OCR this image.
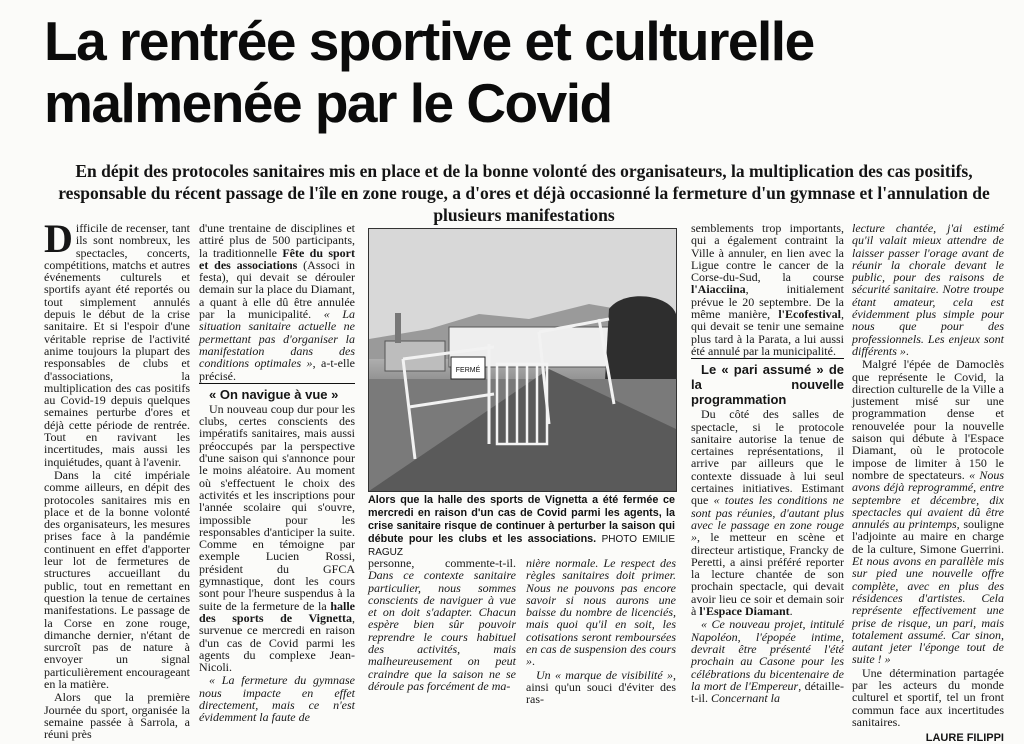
La rentrée sportive et culturelle malmenée par le Covid

En dépit des protocoles sanitaires mis en place et de la bonne volonté des organisateurs, la multiplication des cas positifs, responsable du récent passage de l'île en zone rouge, a d'ores et déjà occasionné la fermeture d'un gymnase et l'annulation de plusieurs manifestations

Difficile de recenser, tant ils sont nombreux, les spectacles, concerts, compétitions, matchs et autres événements culturels et sportifs ayant été reportés ou tout simplement annulés depuis le début de la crise sanitaire. Et si l'espoir d'une véritable reprise de l'activité anime toujours la plupart des responsables de clubs et d'associations, la multiplication des cas positifs au Covid-19 depuis quelques semaines perturbe d'ores et déjà cette période de rentrée. Tout en ravivant les incertitudes, mais aussi les inquiétudes, quant à l'avenir.

Dans la cité impériale comme ailleurs, en dépit des protocoles sanitaires mis en place et de la bonne volonté des organisateurs, les mesures prises face à la pandémie continuent en effet d'apporter leur lot de fermetures de structures accueillant du public, tout en remettant en question la tenue de certaines manifestations. Le passage de la Corse en zone rouge, dimanche dernier, n'étant de surcroît pas de nature à envoyer un signal particulièrement encourageant en la matière.

Alors que la première Journée du sport, organisée la semaine passée à Sarrola, a réuni près

d'une trentaine de disciplines et attiré plus de 500 participants, la traditionnelle Fête du sport et des associations (Associ in festa), qui devait se dérouler demain sur la place du Diamant, a quant à elle dû être annulée par la municipalité. « La situation sanitaire actuelle ne permettant pas d'organiser la manifestation dans des conditions optimales », a-t-elle précisé.

« On navigue à vue »

Un nouveau coup dur pour les clubs, certes conscients des impératifs sanitaires, mais aussi préoccupés par la perspective d'une saison qui s'annonce pour le moins aléatoire. Au moment où s'effectuent le choix des activités et les inscriptions pour l'année scolaire qui s'ouvre, impossible pour les responsables d'anticiper la suite. Comme en témoigne par exemple Lucien Rossi, président du GFCA gymnastique, dont les cours sont pour l'heure suspendus à la suite de la fermeture de la halle des sports de Vignetta, survenue ce mercredi en raison d'un cas de Covid parmi les agents du complexe Jean-Nicoli.

« La fermeture du gymnase nous impacte en effet directement, mais ce n'est évidemment la faute de

FERMÉ

Alors que la halle des sports de Vignetta a été fermée ce mercredi en raison d'un cas de Covid parmi les agents, la crise sanitaire risque de continuer à perturber la saison qui débute pour les clubs et les associations. PHOTO EMILIE RAGUZ

personne, commente-t-il. Dans ce contexte sanitaire particulier, nous sommes conscients de naviguer à vue et on doit s'adapter. Chacun espère bien sûr pouvoir reprendre le cours habituel des activités, mais malheureusement on peut craindre que la saison ne se déroule pas forcément de ma-

nière normale. Le respect des règles sanitaires doit primer. Nous ne pouvons pas encore savoir si nous aurons une baisse du nombre de licenciés, mais quoi qu'il en soit, les cotisations seront remboursées en cas de suspension des cours ».

Un « marque de visibilité », ainsi qu'un souci d'éviter des ras-

semblements trop importants, qui a également contraint la Ville à annuler, en lien avec la Ligue contre le cancer de la Corse-du-Sud, la course l'Aiacciina, initialement prévue le 20 septembre. De la même manière, l'Ecofestival, qui devait se tenir une semaine plus tard à la Parata, a lui aussi été annulé par la municipalité.

Le « pari assumé » de la nouvelle programmation

Du côté des salles de spectacle, si le protocole sanitaire autorise la tenue de certaines représentations, il arrive par ailleurs que le contexte dissuade à lui seul certaines initiatives. Estimant que « toutes les conditions ne sont pas réunies, d'autant plus avec le passage en zone rouge », le metteur en scène et directeur artistique, Francky de Peretti, a ainsi préféré reporter la lecture chantée de son prochain spectacle, qui devait avoir lieu ce soir et demain soir à l'Espace Diamant.

« Ce nouveau projet, intitulé Napoléon, l'épopée intime, devrait être présenté l'été prochain au Casone pour les célébrations du bicentenaire de la mort de l'Empereur, détaille-t-il. Concernant la

lecture chantée, j'ai estimé qu'il valait mieux attendre de laisser passer l'orage avant de réunir la chorale devant le public, pour des raisons de sécurité sanitaire. Notre troupe étant amateur, cela est évidemment plus simple pour nous que pour des professionnels. Les enjeux sont différents ».

Malgré l'épée de Damoclès que représente le Covid, la direction culturelle de la Ville a justement misé sur une programmation dense et renouvelée pour la nouvelle saison qui débute à l'Espace Diamant, où le protocole impose de limiter à 150 le nombre de spectateurs. « Nous avons déjà reprogrammé, entre septembre et décembre, dix spectacles qui avaient dû être annulés au printemps, souligne l'adjointe au maire en charge de la culture, Simone Guerrini. Et nous avons en parallèle mis sur pied une nouvelle offre complète, avec en plus des résidences d'artistes. Cela représente effectivement une prise de risque, un pari, mais totalement assumé. Car sinon, autant jeter l'éponge tout de suite ! »

Une détermination partagée par les acteurs du monde culturel et sportif, tel un front commun face aux incertitudes sanitaires.

LAURE FILIPPI
